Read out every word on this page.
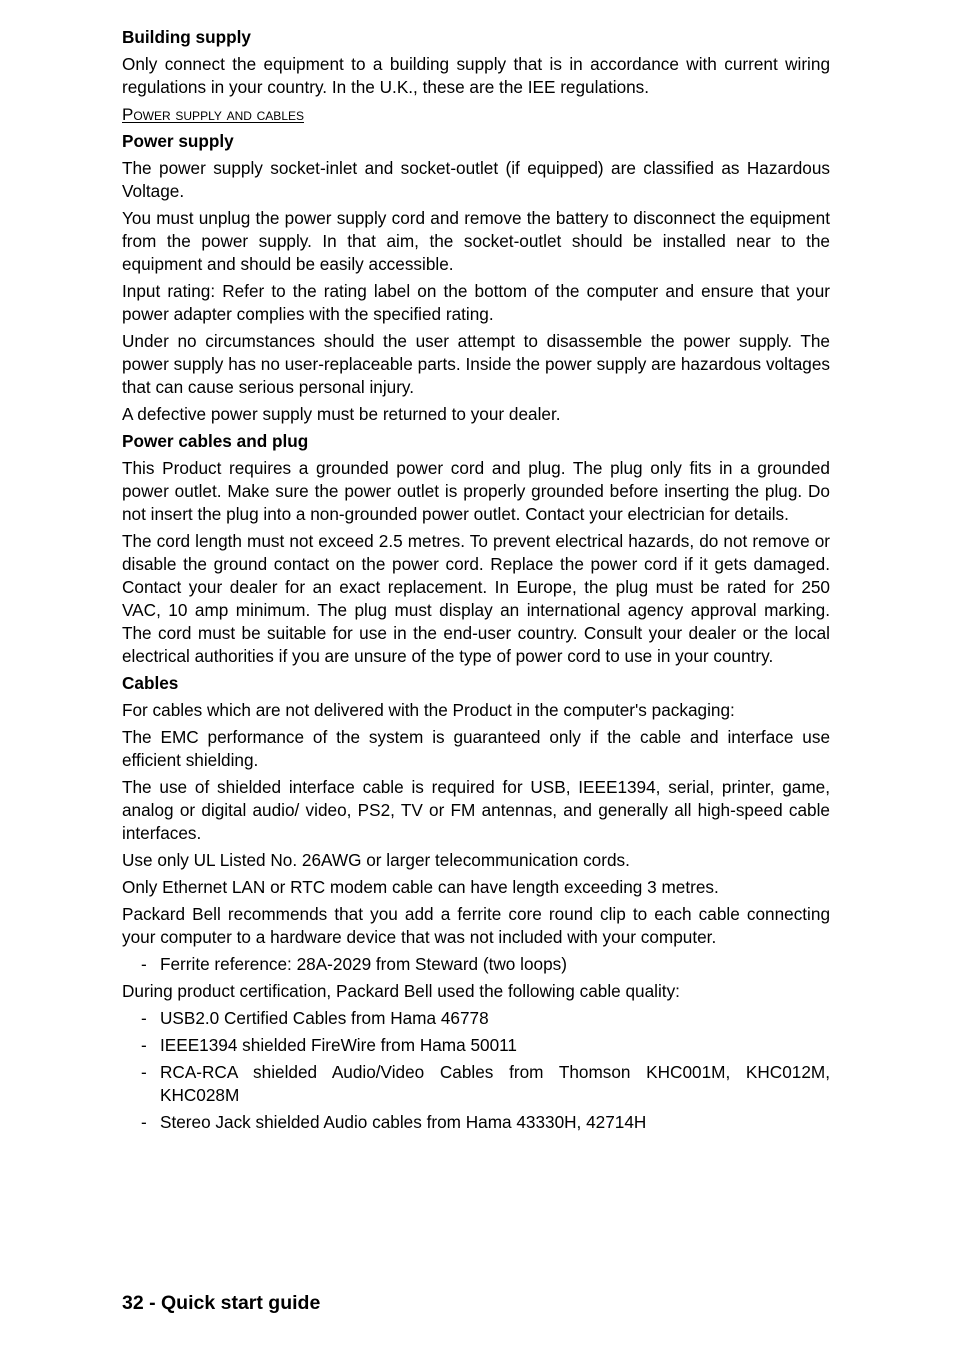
Building supply
Only connect the equipment to a building supply that is in accordance with current wiring regulations in your country. In the U.K., these are the IEE regulations.
Power supply and cables
Power supply
The power supply socket-inlet and socket-outlet (if equipped) are classified as Hazardous Voltage.
You must unplug the power supply cord and remove the battery to disconnect the equipment from the power supply. In that aim, the socket-outlet should be installed near to the equipment and should be easily accessible.
Input rating: Refer to the rating label on the bottom of the computer and ensure that your power adapter complies with the specified rating.
Under no circumstances should the user attempt to disassemble the power supply. The power supply has no user-replaceable parts. Inside the power supply are hazardous voltages that can cause serious personal injury.
A defective power supply must be returned to your dealer.
Power cables and plug
This Product requires a grounded power cord and plug. The plug only fits in a grounded power outlet. Make sure the power outlet is properly grounded before inserting the plug. Do not insert the plug into a non-grounded power outlet. Contact your electrician for details.
The cord length must not exceed 2.5 metres. To prevent electrical hazards, do not remove or disable the ground contact on the power cord. Replace the power cord if it gets damaged. Contact your dealer for an exact replacement. In Europe, the plug must be rated for 250 VAC, 10 amp minimum. The plug must display an international agency approval marking. The cord must be suitable for use in the end-user country. Consult your dealer or the local electrical authorities if you are unsure of the type of power cord to use in your country.
Cables
For cables which are not delivered with the Product in the computer's packaging:
The EMC performance of the system is guaranteed only if the cable and interface use efficient shielding.
The use of shielded interface cable is required for USB, IEEE1394, serial, printer, game, analog or digital audio/ video, PS2, TV or FM antennas, and generally all high-speed cable interfaces.
Use only UL Listed No. 26AWG or larger telecommunication cords.
Only Ethernet LAN or RTC modem cable can have length exceeding 3 metres.
Packard Bell recommends that you add a ferrite core round clip to each cable connecting your computer to a hardware device that was not included with your computer.
- Ferrite reference: 28A-2029 from Steward (two loops)
During product certification, Packard Bell used the following cable quality:
- USB2.0 Certified Cables from Hama 46778
- IEEE1394 shielded FireWire from Hama 50011
- RCA-RCA shielded Audio/Video Cables from Thomson KHC001M, KHC012M, KHC028M
- Stereo Jack shielded Audio cables from Hama 43330H, 42714H
32 - Quick start guide
